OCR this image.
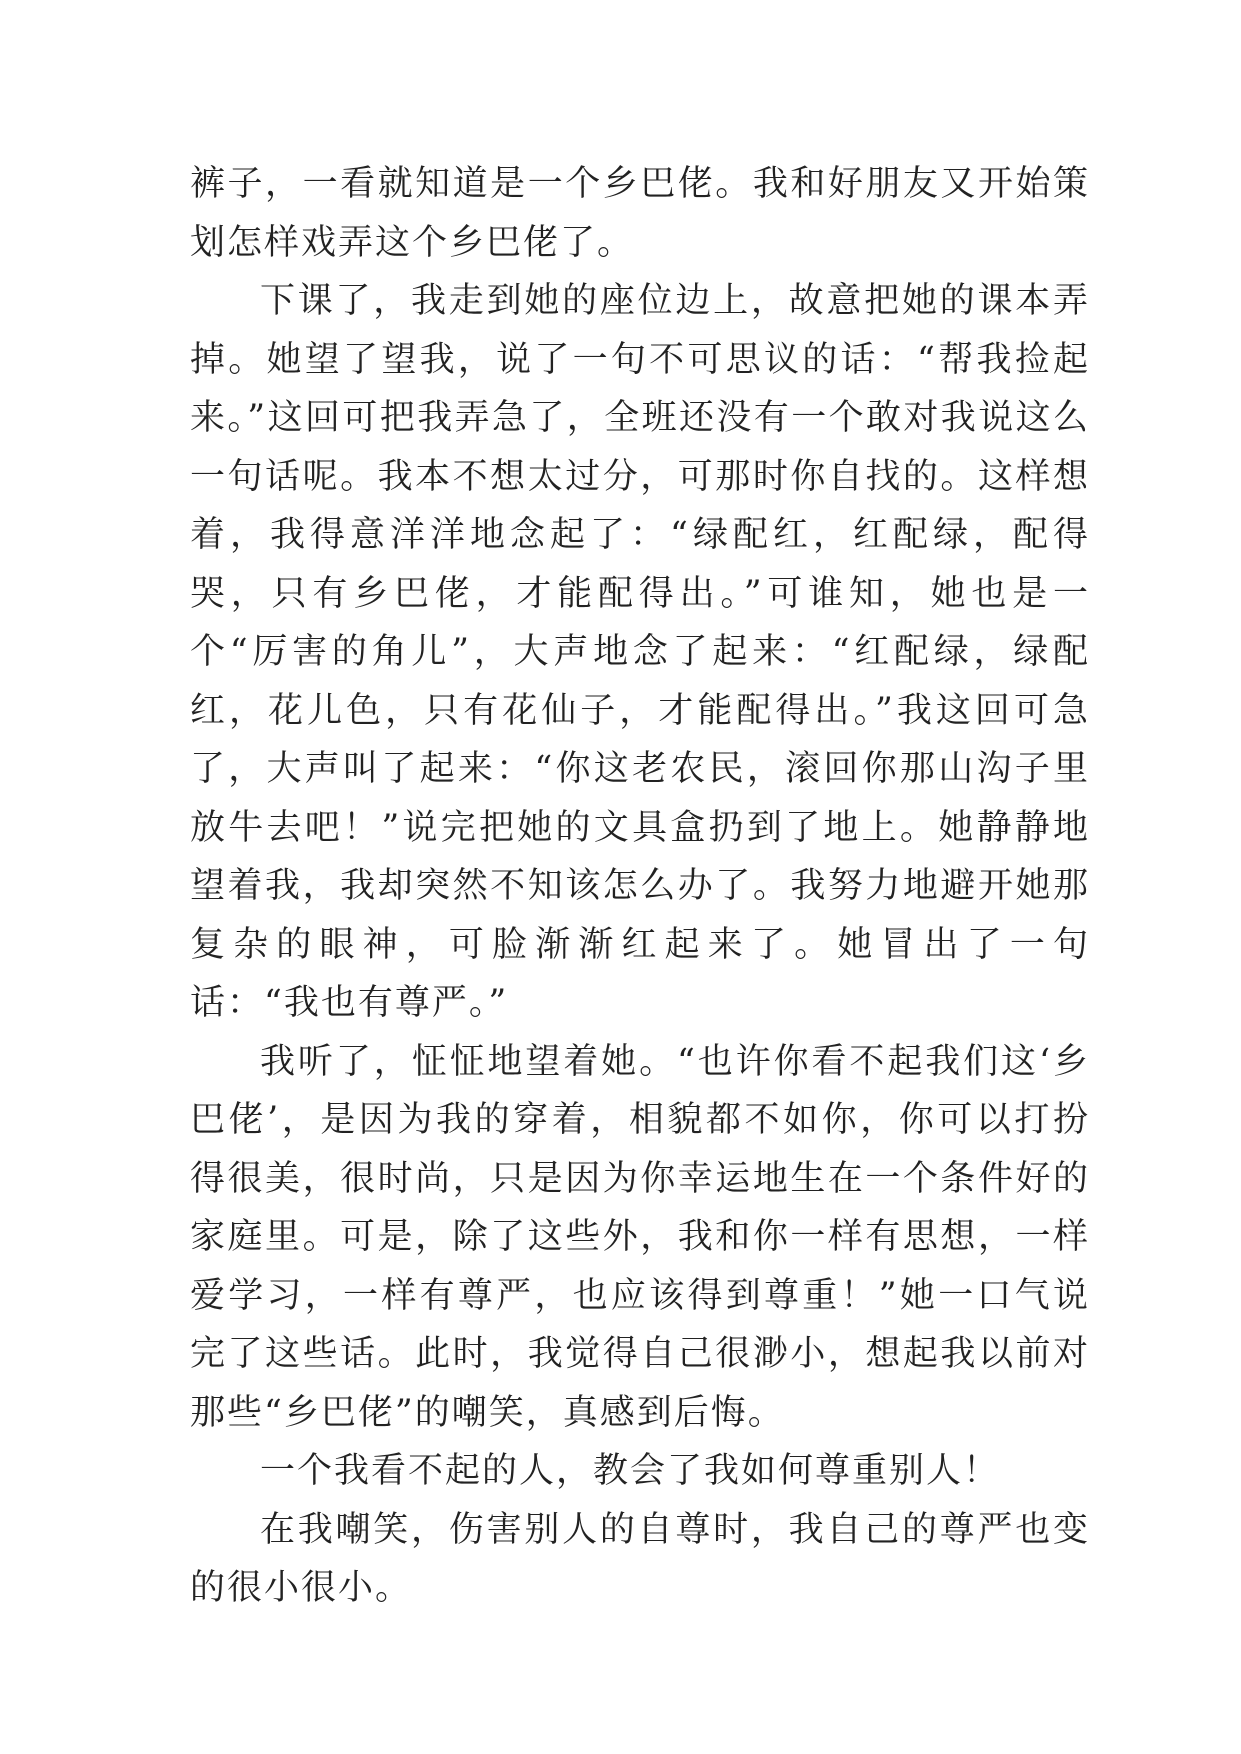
裤子，一看就知道是一个乡巴佬。我和好朋友又开始策划怎样戏弄这个乡巴佬了。

下课了，我走到她的座位边上，故意把她的课本弄掉。她望了望我，说了一句不可思议的话：“帮我捡起来。”这回可把我弄急了，全班还没有一个敢对我说这么一句话呢。我本不想太过分，可那时你自找的。这样想着，我得意洋洋地念起了：“绿配红，红配绿，配得哭，只有乡巴佬，才能配得出。”可谁知，她也是一个“厉害的角儿”，大声地念了起来：“红配绿，绿配红，花儿色，只有花仙子，才能配得出。”我这回可急了，大声叫了起来：“你这老农民，滚回你那山沟子里放牛去吧！”说完把她的文具盒扔到了地上。她静静地望着我，我却突然不知该怎么办了。我努力地避开她那复杂的眼神，可脸渐渐红起来了。她冒出了一句话：“我也有尊严。”

我听了，怔怔地望着她。“也许你看不起我们这‘乡巴佬’，是因为我的穿着，相貌都不如你，你可以打扮得很美，很时尚，只是因为你幸运地生在一个条件好的家庭里。可是，除了这些外，我和你一样有思想，一样爱学习，一样有尊严，也应该得到尊重！”她一口气说完了这些话。此时，我觉得自己很渺小，想起我以前对那些“乡巴佬”的嘲笑，真感到后悔。

一个我看不起的人，教会了我如何尊重别人！

在我嘲笑，伤害别人的自尊时，我自己的尊严也变的很小很小。
